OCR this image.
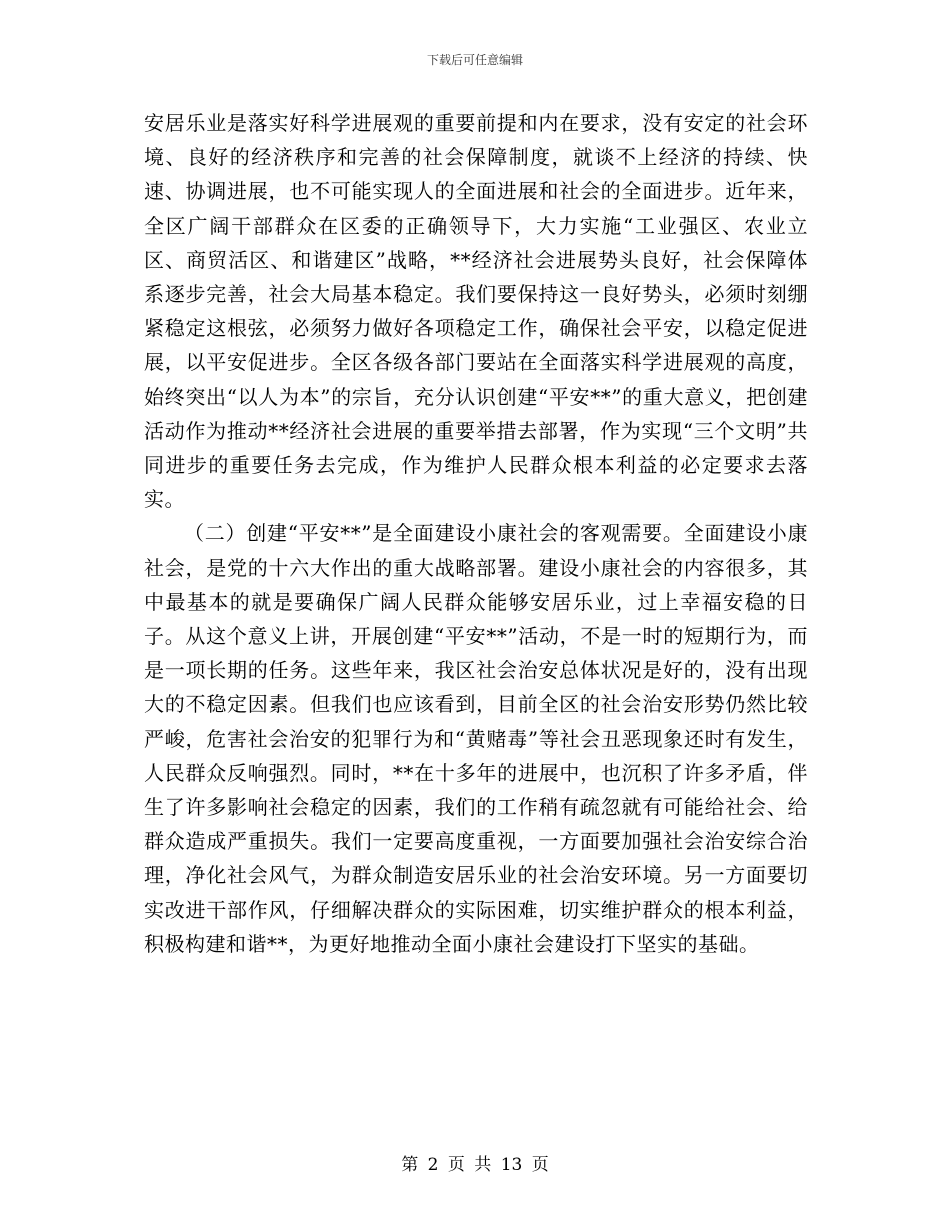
下载后可任意编辑

安居乐业是落实好科学进展观的重要前提和内在要求，没有安定的社会环境、良好的经济秩序和完善的社会保障制度，就谈不上经济的持续、快速、协调进展，也不可能实现人的全面进展和社会的全面进步。近年来，全区广阔干部群众在区委的正确领导下，大力实施“工业强区、农业立区、商贸活区、和谐建区”战略，**经济社会进展势头良好，社会保障体系逐步完善，社会大局基本稳定。我们要保持这一良好势头，必须时刻绷紧稳定这根弦，必须努力做好各项稳定工作，确保社会平安，以稳定促进展，以平安促进步。全区各级各部门要站在全面落实科学进展观的高度，始终突出“以人为本”的宗旨，充分认识创建“平安**”的重大意义，把创建活动作为推动**经济社会进展的重要举措去部署，作为实现“三个文明”共同进步的重要任务去完成，作为维护人民群众根本利益的必定要求去落实。

（二）创建“平安**”是全面建设小康社会的客观需要。全面建设小康社会，是党的十六大作出的重大战略部署。建设小康社会的内容很多，其中最基本的就是要确保广阔人民群众能够安居乐业，过上幸福安稳的日子。从这个意义上讲，开展创建“平安**”活动，不是一时的短期行为，而是一项长期的任务。这些年来，我区社会治安总体状况是好的，没有出现大的不稳定因素。但我们也应该看到，目前全区的社会治安形势仍然比较严峻，危害社会治安的犯罪行为和“黄赌毒”等社会丑恶现象还时有发生，人民群众反响强烈。同时，**在十多年的进展中，也沉积了许多矛盾，伴生了许多影响社会稳定的因素，我们的工作稍有疏忽就有可能给社会、给群众造成严重损失。我们一定要高度重视，一方面要加强社会治安综合治理，净化社会风气，为群众制造安居乐业的社会治安环境。另一方面要切实改进干部作风，仔细解决群众的实际困难，切实维护群众的根本利益，积极构建和谐**，为更好地推动全面小康社会建设打下坚实的基础。

第 2 页 共 13 页
